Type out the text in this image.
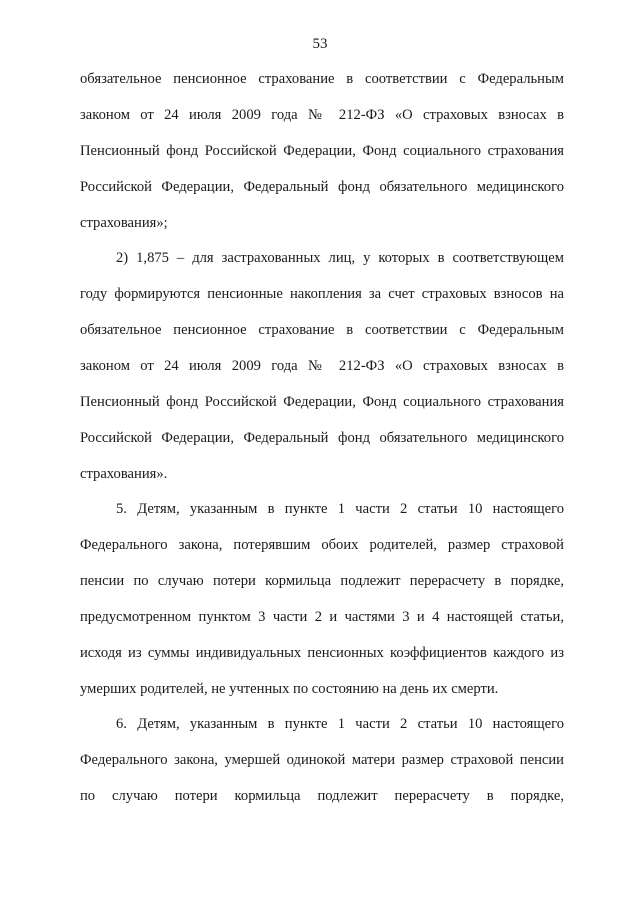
53
обязательное пенсионное страхование в соответствии с Федеральным
законом от 24 июля 2009 года № 212-ФЗ «О страховых взносах в
Пенсионный фонд Российской Федерации, Фонд социального страхования
Российской Федерации, Федеральный фонд обязательного медицинского
страхования»;
2) 1,875 – для застрахованных лиц, у которых в соответствующем
году формируются пенсионные накопления за счет страховых взносов на
обязательное пенсионное страхование в соответствии с Федеральным
законом от 24 июля 2009 года № 212-ФЗ «О страховых взносах в
Пенсионный фонд Российской Федерации, Фонд социального страхования
Российской Федерации, Федеральный фонд обязательного медицинского
страхования».
5. Детям, указанным в пункте 1 части 2 статьи 10 настоящего
Федерального закона, потерявшим обоих родителей, размер страховой
пенсии по случаю потери кормильца подлежит перерасчету в порядке,
предусмотренном пунктом 3 части 2 и частями 3 и 4 настоящей статьи,
исходя из суммы индивидуальных пенсионных коэффициентов каждого из
умерших родителей, не учтенных по состоянию на день их смерти.
6. Детям, указанным в пункте 1 части 2 статьи 10 настоящего
Федерального закона, умершей одинокой матери размер страховой пенсии
по случаю потери кормильца подлежит перерасчету в порядке,
